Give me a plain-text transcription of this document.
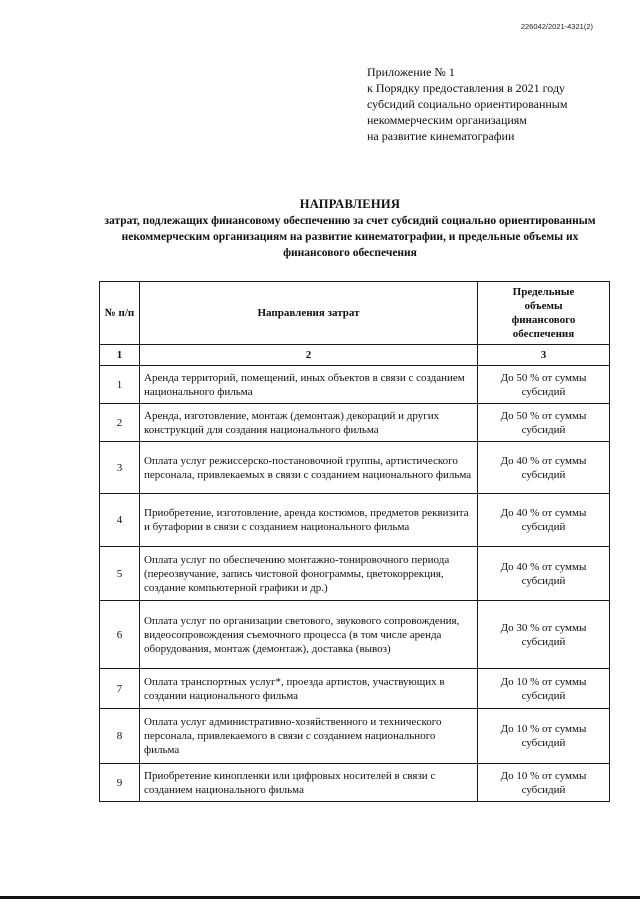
226042/2021-4321(2)
Приложение № 1
к Порядку предоставления в 2021 году
субсидий социально ориентированным
некоммерческим организациям
на развитие кинематографии
НАПРАВЛЕНИЯ
затрат, подлежащих финансовому обеспечению за счет субсидий социально ориентированным некоммерческим организациям на развитие кинематографии, и предельные объемы их финансового обеспечения
№ п/п	Направления затрат	Предельные объемы финансового обеспечения
1	2	3
1	Аренда территорий, помещений, иных объектов в связи с созданием национального фильма	До 50 % от суммы субсидий
2	Аренда, изготовление, монтаж (демонтаж) декораций и других конструкций для создания национального фильма	До 50 % от суммы субсидий
3	Оплата услуг режиссерско-постановочной группы, артистического персонала, привлекаемых в связи с созданием национального фильма	До 40 % от суммы субсидий
4	Приобретение, изготовление, аренда костюмов, предметов реквизита и бутафории в связи с созданием национального фильма	До 40 % от суммы субсидий
5	Оплата услуг по обеспечению монтажно-тонировочного периода (переозвучание, запись чистовой фонограммы, цветокоррекция, создание компьютерной графики и др.)	До 40 % от суммы субсидий
6	Оплата услуг по организации светового, звукового сопровождения, видеосопровождения съемочного процесса (в том числе аренда оборудования, монтаж (демонтаж), доставка (вывоз)	До 30 % от суммы субсидий
7	Оплата транспортных услуг*, проезда артистов, участвующих в создании национального фильма	До 10 % от суммы субсидий
8	Оплата услуг административно-хозяйственного и технического персонала, привлекаемого в связи с созданием национального фильма	До 10 % от суммы субсидий
9	Приобретение кинопленки или цифровых носителей в связи с созданием национального фильма	До 10 % от суммы субсидий
